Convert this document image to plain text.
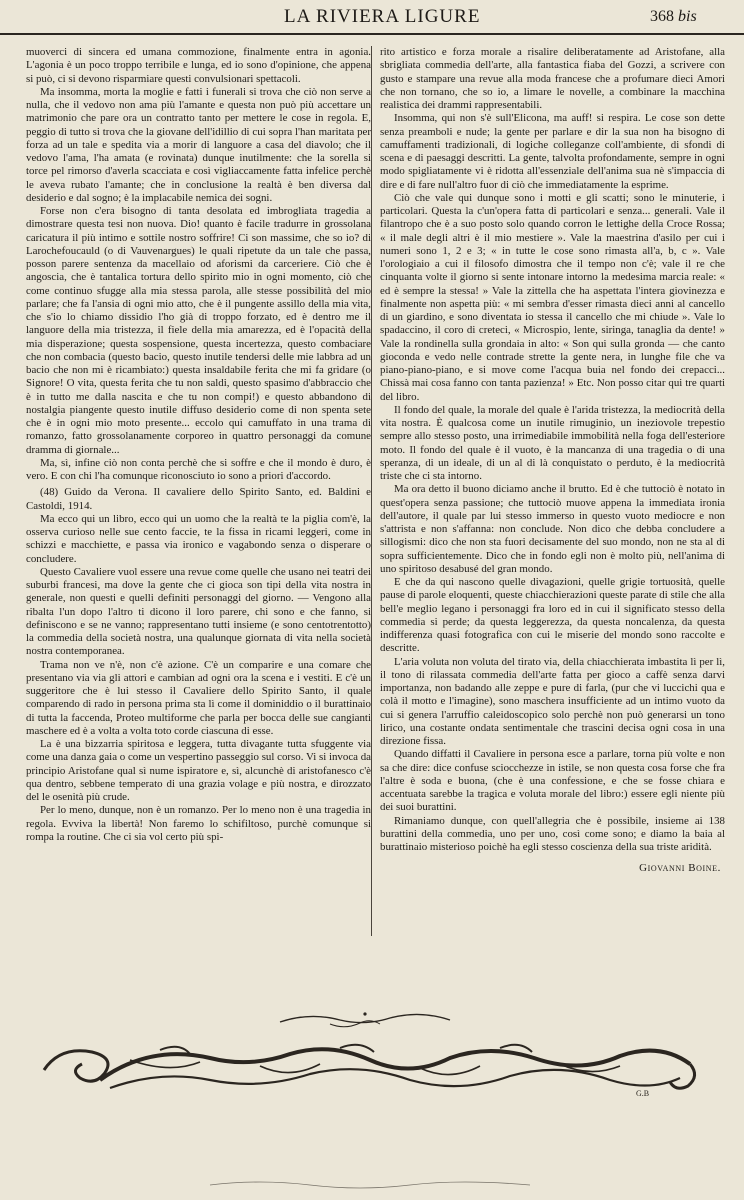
LA RIVIERA LIGURE	368 bis

muoverci di sincera ed umana commozione, finalmente entra in agonia. L'agonia è un poco troppo terribile e lunga, ed io sono d'opinione, che appena si può, ci si devono risparmiare questi convulsionari spettacoli.

Ma insomma, morta la moglie e fatti i funerali si trova che ciò non serve a nulla, che il vedovo non ama più l'amante e questa non può più accettare un matrimonio che pare ora un contratto tanto per mettere le cose in regola. E, peggio di tutto si trova che la giovane dell'idillio di cui sopra l'han maritata per forza ad un tale e spedita via a morir di languore a casa del diavolo; che il vedovo l'ama, l'ha amata (e rovinata) dunque inutilmente: che la sorella si torce pel rimorso d'averla scacciata e così vigliaccamente fatta infelice perchè le aveva rubato l'amante; che in conclusione la realtà è ben diversa dal desiderio e dal sogno; è la implacabile nemica dei sogni.

Forse non c'era bisogno di tanta desolata ed imbrogliata tragedia a dimostrare questa tesi non nuova. Dio! quanto è facile tradurre in grossolana caricatura il più intimo e sottile nostro soffrire! Ci son massime, che so io? di Larochefoucauld (o di Vauvenargues) le quali ripetute da un tale che passa, posson parere sentenza da macellaio od aforismi da carceriere. Ciò che è angoscia, che è tantalica tortura dello spirito mio in ogni momento, ciò che come continuo sfugge alla mia stessa parola, alle stesse possibilità del mio parlare; che fa l'ansia di ogni mio atto, che è il pungente assillo della mia vita, che s'io lo chiamo dissidio l'ho già di troppo forzato, ed è dentro me il languore della mia tristezza, il fiele della mia amarezza, ed è l'opacità della mia disperazione; questa sospensione, questa incertezza, questo combaciare che non combacia (questo bacio, questo inutile tendersi delle mie labbra ad un bacio che non mi è ricambiato:) questa insaldabile ferita che mi fa gridare (o Signore! O vita, questa ferita che tu non saldi, questo spasimo d'abbraccio che è in tutto me dalla nascita e che tu non compi!) e questo abbandono di nostalgia piangente questo inutile diffuso desiderio come di non spenta sete che è in ogni mio moto presente... eccolo qui camuffato in una trama di romanzo, fatto grossolanamente corporeo in quattro personaggi da comune dramma di giornale...

Ma, sì, infine ciò non conta perchè che si soffre e che il mondo è duro, è vero. E con chi l'ha comunque riconosciuto io sono a priori d'accordo.

(48) Guido da Verona. Il cavaliere dello Spirito Santo, ed. Baldini e Castoldi, 1914.

Ma ecco qui un libro, ecco qui un uomo che la realtà te la piglia com'è, la osserva curioso nelle sue cento faccie, te la fissa in ricami leggeri, come in schizzi e macchiette, e passa via ironico e vagabondo senza o disperare o concludere.

Questo Cavaliere vuol essere una revue come quelle che usano nei teatri dei suburbi francesi, ma dove la gente che ci gioca son tipi della vita nostra in generale, non questi e quelli definiti personaggi del giorno. — Vengono alla ribalta l'un dopo l'altro ti dicono il loro parere, chi sono e che fanno, si definiscono e se ne vanno; rappresentano tutti insieme (e sono centotrentotto) la commedia della società nostra, una qualunque giornata di vita nella società nostra contemporanea.

Trama non ve n'è, non c'è azione. C'è un comparire e una comare che presentano via via gli attori e cambian ad ogni ora la scena e i vestiti. E c'è un suggeritore che è lui stesso il Cavaliere dello Spirito Santo, il quale comparendo di rado in persona prima sta lì come il dominiddio o il burattinaio di tutta la faccenda, Proteo multiforme che parla per bocca delle sue cangianti maschere ed è a volta a volta toto corde ciascuna di esse.

La è una bizzarria spiritosa e leggera, tutta divagante tutta sfuggente via come una danza gaia o come un vespertino passeggio sul corso. Vi si invoca da principio Aristofane qual sì nume ispiratore e, sì, alcunchè di aristofanesco c'è qua dentro, sebbene temperato di una grazia volage e più nostra, e dirozzato del le osenità più crude.

Per lo meno, dunque, non è un romanzo. Per lo meno non è una tragedia in regola. Evviva la libertà! Non faremo lo schifiltoso, purchè comunque si rompa la routine. Che ci sia vol certo più spi-

rito artistico e forza morale a risalire deliberatamente ad Aristofane, alla sbrigliata commedia dell'arte, alla fantastica fiaba del Gozzi, a scrivere con gusto e stampare una revue alla moda francese che a profumare dieci Amori che non tornano, che so io, a limare le novelle, a combinare la macchina realistica dei drammi rappresentabili.

Insomma, qui non s'è sull'Elicona, ma auff! si respira. Le cose son dette senza preamboli e nude; la gente per parlare e dir la sua non ha bisogno di camuffamenti tradizionali, di logiche colleganze coll'ambiente, di sfondi di scena e di paesaggi descritti. La gente, talvolta profondamente, sempre in ogni modo spigliatamente vi è ridotta all'essenziale dell'anima sua nè s'impaccia di dire e di fare null'altro fuor di ciò che immediatamente la esprime.

Ciò che vale qui dunque sono i motti e gli scatti; sono le minuterie, i particolari. Questa la c'un'opera fatta di particolari e senza... generali. Vale il filantropo che è a suo posto solo quando corron le lettighe della Croce Rossa; « il male degli altri è il mio mestiere ». Vale la maestrina d'asilo per cui i numeri sono 1, 2 e 3; « in tutte le cose sono rimasta all'a, b, c ». Vale l'orologiaio a cui il filosofo dimostra che il tempo non c'è; vale il re che cinquanta volte il giorno si sente intonare intorno la medesima marcia reale: « ed è sempre la stessa! » Vale la zittella che ha aspettata l'intera giovinezza e finalmente non aspetta più: « mi sembra d'esser rimasta dieci anni al cancello di un giardino, e sono diventata io stessa il cancello che mi chiude ». Vale lo spadaccino, il coro di creteci, « Microspio, lente, siringa, tanaglia da dente! » Vale la rondinella sulla grondaia in alto: « Son qui sulla gronda — che canto gioconda e vedo nelle contrade strette la gente nera, in lunghe file che va piano-piano-piano, e si move come l'acqua buia nel fondo dei crepacci... Chissà mai cosa fanno con tanta pazienza! » Etc. Non posso citar qui tre quarti del libro.

Il fondo del quale, la morale del quale è l'arida tristezza, la mediocrità della vita nostra. È qualcosa come un inutile rimuginio, un ineziovole trepestio sempre allo stesso posto, una irrimediabile immobilità nella foga dell'esteriore moto. Il fondo del quale è il vuoto, è la mancanza di una tragedia o di una speranza, di un ideale, di un al di là conquistato o perduto, è la mediocrità triste che ci sta intorno.

Ma ora detto il buono diciamo anche il brutto. Ed è che tuttociò è notato in quest'opera senza passione; che tuttociò muove appena la immediata ironia dell'autore, il quale par lui stesso immerso in questo vuoto mediocre e non s'attrista e non s'affanna: non conclude. Non dico che debba concludere a sillogismi: dico che non sta fuori decisamente del suo mondo, non ne sta al di sopra sufficientemente. Dico che in fondo egli non è molto più, nell'anima di uno spiritoso desabusé del gran mondo.

E che da qui nascono quelle divagazioni, quelle grigie tortuosità, quelle pause di parole eloquenti, queste chiacchierazioni queste parate di stile che alla bell'e meglio legano i personaggi fra loro ed in cui il significato stesso della commedia si perde; da questa leggerezza, da questa noncalenza, da questa indifferenza quasi fotografica con cui le miserie del mondo sono raccolte e descritte.

L'aria voluta non voluta del tirato via, della chiacchierata imbastita lì per lì, il tono di rilassata commedia dell'arte fatta per gioco a caffè senza darvi importanza, non badando alle zeppe e pure di farla, (pur che vi luccichi qua e colà il motto e l'imagine), sono maschera insufficiente ad un intimo vuoto da cui si genera l'arruffio caleidoscopico solo perchè non può generarsi un tono lirico, una costante ondata sentimentale che trascini decisa ogni cosa in una direzione fissa.

Quando diffatti il Cavaliere in persona esce a parlare, torna più volte e non sa che dire: dice confuse sciocchezze in istile, se non questa cosa forse che fra l'altre è soda e buona, (che è una confessione, e che se fosse chiara e accentuata sarebbe la tragica e voluta morale del libro:) essere egli niente più dei suoi burattini.

Rimaniamo dunque, con quell'allegria che è possibile, insieme ai 138 burattini della commedia, uno per uno, così come sono; e diamo la baia al burattinaio misterioso poichè ha egli stesso coscienza della sua triste aridità.

Giovanni Boine.
G.B
